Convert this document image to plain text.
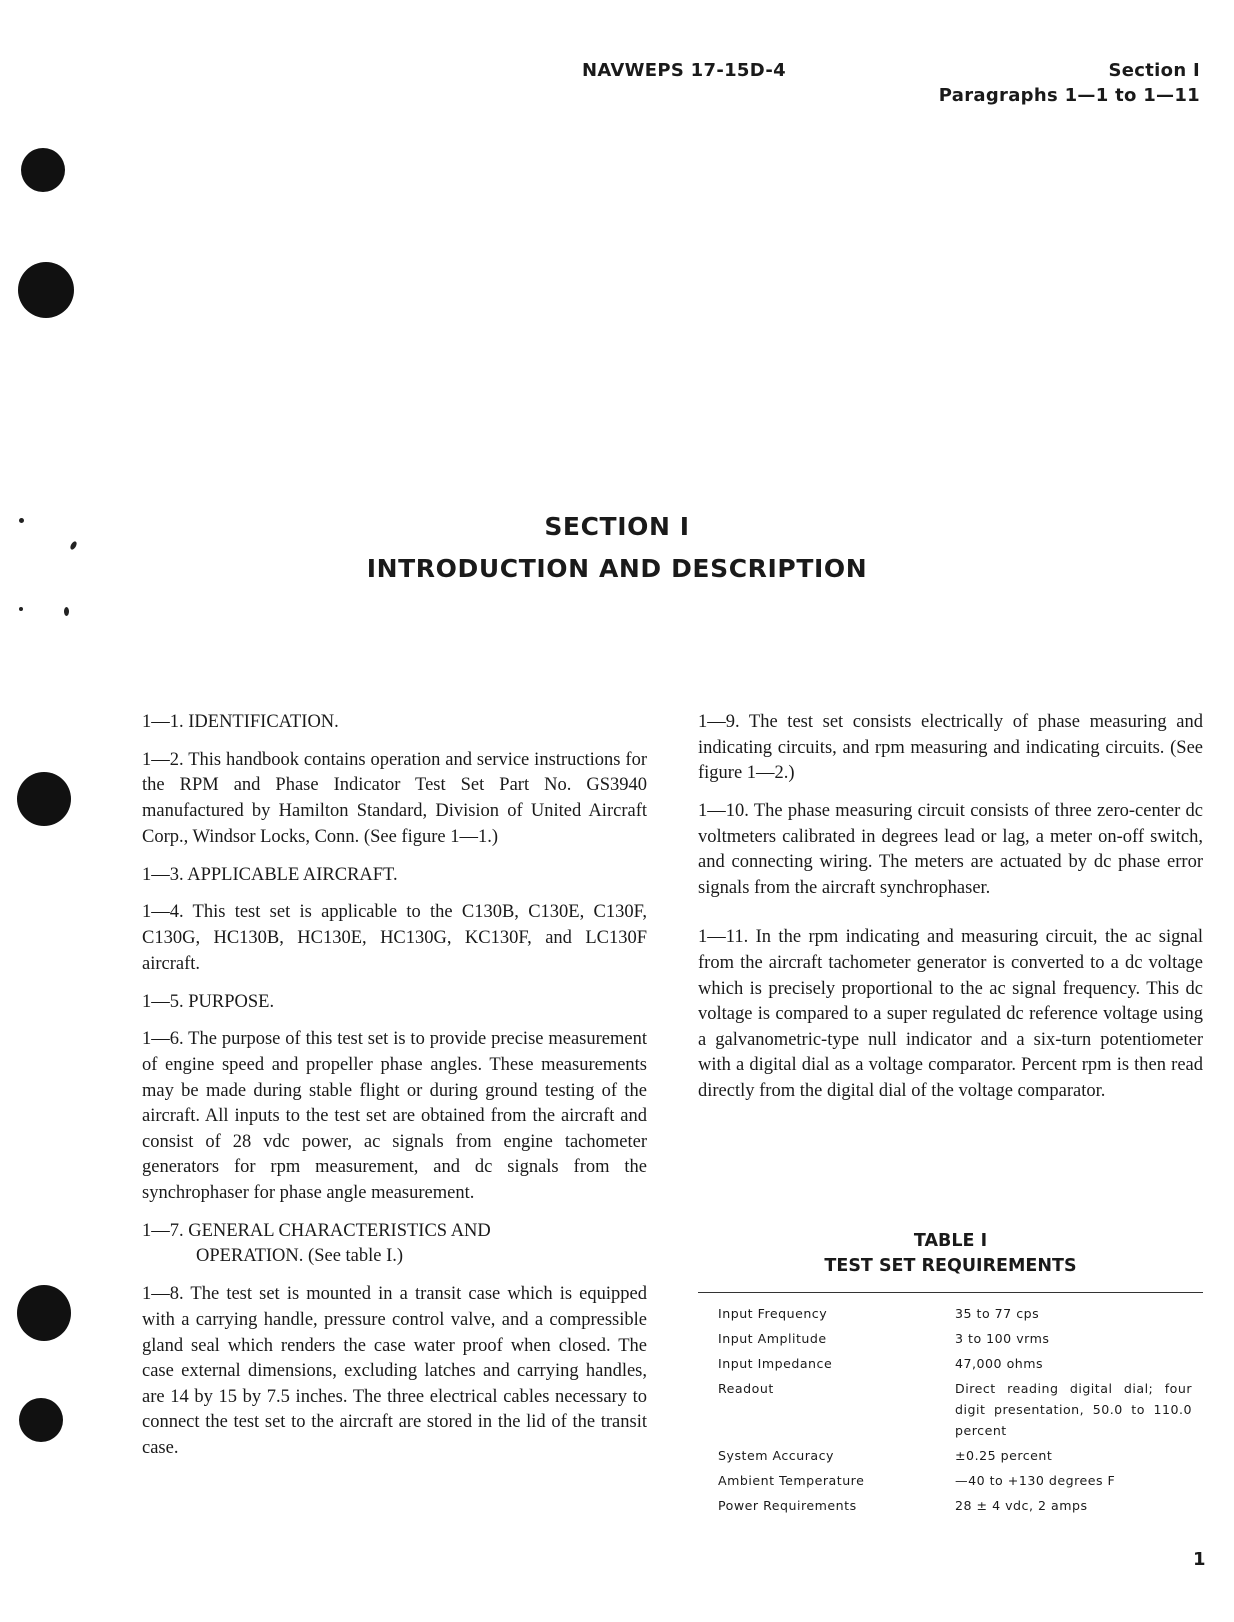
NAVWEPS 17-15D-4	Section I
Paragraphs 1—1 to 1—11
SECTION I
INTRODUCTION AND DESCRIPTION

1—1. IDENTIFICATION.

1—2. This handbook contains operation and service instructions for the RPM and Phase Indicator Test Set Part No. GS3940 manufactured by Hamilton Standard, Division of United Aircraft Corp., Windsor Locks, Conn. (See figure 1—1.)

1—3. APPLICABLE AIRCRAFT.

1—4. This test set is applicable to the C130B, C130E, C130F, C130G, HC130B, HC130E, HC130G, KC130F, and LC130F aircraft.

1—5. PURPOSE.

1—6. The purpose of this test set is to provide precise measurement of engine speed and propeller phase angles. These measurements may be made during stable flight or during ground testing of the aircraft. All inputs to the test set are obtained from the aircraft and consist of 28 vdc power, ac signals from engine tachometer generators for rpm measurement, and dc signals from the synchrophaser for phase angle measurement.

1—7. GENERAL CHARACTERISTICS AND OPERATION. (See table I.)

1—8. The test set is mounted in a transit case which is equipped with a carrying handle, pressure control valve, and a compressible gland seal which renders the case water proof when closed. The case external dimensions, excluding latches and carrying handles, are 14 by 15 by 7.5 inches. The three electrical cables necessary to connect the test set to the aircraft are stored in the lid of the transit case.

1—9. The test set consists electrically of phase measuring and indicating circuits, and rpm measuring and indicating circuits. (See figure 1—2.)

1—10. The phase measuring circuit consists of three zero-center dc voltmeters calibrated in degrees lead or lag, a meter on-off switch, and connecting wiring. The meters are actuated by dc phase error signals from the aircraft synchrophaser.

1—11. In the rpm indicating and measuring circuit, the ac signal from the aircraft tachometer generator is converted to a dc voltage which is precisely proportional to the ac signal frequency. This dc voltage is compared to a super regulated dc reference voltage using a galvanometric-type null indicator and a six-turn potentiometer with a digital dial as a voltage comparator. Percent rpm is then read directly from the digital dial of the voltage comparator.

TABLE I
TEST SET REQUIREMENTS
Input Frequency	35 to 77 cps
Input Amplitude	3 to 100 vrms
Input Impedance	47,000 ohms
Readout	Direct reading digital dial; four digit presentation, 50.0 to 110.0 percent
System Accuracy	±0.25 percent
Ambient Temperature	—40 to +130 degrees F
Power Requirements	28 ± 4 vdc, 2 amps
1
